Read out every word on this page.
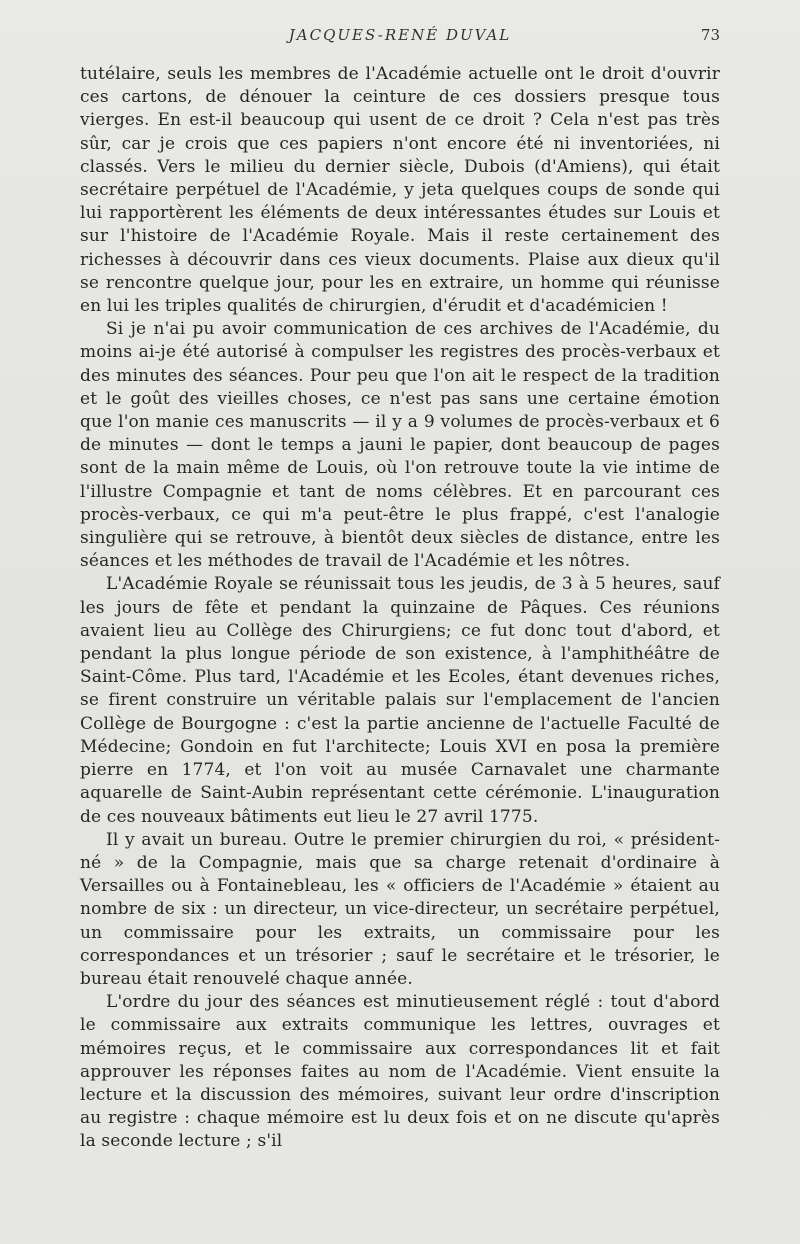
JACQUES-RENÉ DUVAL	73

tutélaire, seuls les membres de l'Académie actuelle ont le droit d'ouvrir ces cartons, de dénouer la ceinture de ces dossiers presque tous vierges. En est-il beaucoup qui usent de ce droit ? Cela n'est pas très sûr, car je crois que ces papiers n'ont encore été ni inventoriées, ni classés. Vers le milieu du dernier siècle, Dubois (d'Amiens), qui était secrétaire perpétuel de l'Académie, y jeta quelques coups de sonde qui lui rapportèrent les éléments de deux intéressantes études sur Louis et sur l'histoire de l'Académie Royale. Mais il reste certainement des richesses à découvrir dans ces vieux documents. Plaise aux dieux qu'il se rencontre quelque jour, pour les en extraire, un homme qui réunisse en lui les triples qualités de chirurgien, d'érudit et d'académicien !

Si je n'ai pu avoir communication de ces archives de l'Académie, du moins ai-je été autorisé à compulser les registres des procès-verbaux et des minutes des séances. Pour peu que l'on ait le respect de la tradition et le goût des vieilles choses, ce n'est pas sans une certaine émotion que l'on manie ces manuscrits — il y a 9 volumes de procès-verbaux et 6 de minutes — dont le temps a jauni le papier, dont beaucoup de pages sont de la main même de Louis, où l'on retrouve toute la vie intime de l'illustre Compagnie et tant de noms célèbres. Et en parcourant ces procès-verbaux, ce qui m'a peut-être le plus frappé, c'est l'analogie singulière qui se retrouve, à bientôt deux siècles de distance, entre les séances et les méthodes de travail de l'Académie et les nôtres.

L'Académie Royale se réunissait tous les jeudis, de 3 à 5 heures, sauf les jours de fête et pendant la quinzaine de Pâques. Ces réunions avaient lieu au Collège des Chirurgiens; ce fut donc tout d'abord, et pendant la plus longue période de son existence, à l'amphithéâtre de Saint-Côme. Plus tard, l'Académie et les Ecoles, étant devenues riches, se firent construire un véritable palais sur l'emplacement de l'ancien Collège de Bourgogne : c'est la partie ancienne de l'actuelle Faculté de Médecine; Gondoin en fut l'architecte; Louis XVI en posa la première pierre en 1774, et l'on voit au musée Carnavalet une charmante aquarelle de Saint-Aubin représentant cette cérémonie. L'inauguration de ces nouveaux bâtiments eut lieu le 27 avril 1775.

Il y avait un bureau. Outre le premier chirurgien du roi, « président-né » de la Compagnie, mais que sa charge retenait d'ordinaire à Versailles ou à Fontainebleau, les « officiers de l'Académie » étaient au nombre de six : un directeur, un vice-directeur, un secrétaire perpétuel, un commissaire pour les extraits, un commissaire pour les correspondances et un trésorier ; sauf le secrétaire et le trésorier, le bureau était renouvelé chaque année.

L'ordre du jour des séances est minutieusement réglé : tout d'abord le commissaire aux extraits communique les lettres, ouvrages et mémoires reçus, et le commissaire aux correspondances lit et fait approuver les réponses faites au nom de l'Académie. Vient ensuite la lecture et la discussion des mémoires, suivant leur ordre d'inscription au registre : chaque mémoire est lu deux fois et on ne discute qu'après la seconde lecture ; s'il
